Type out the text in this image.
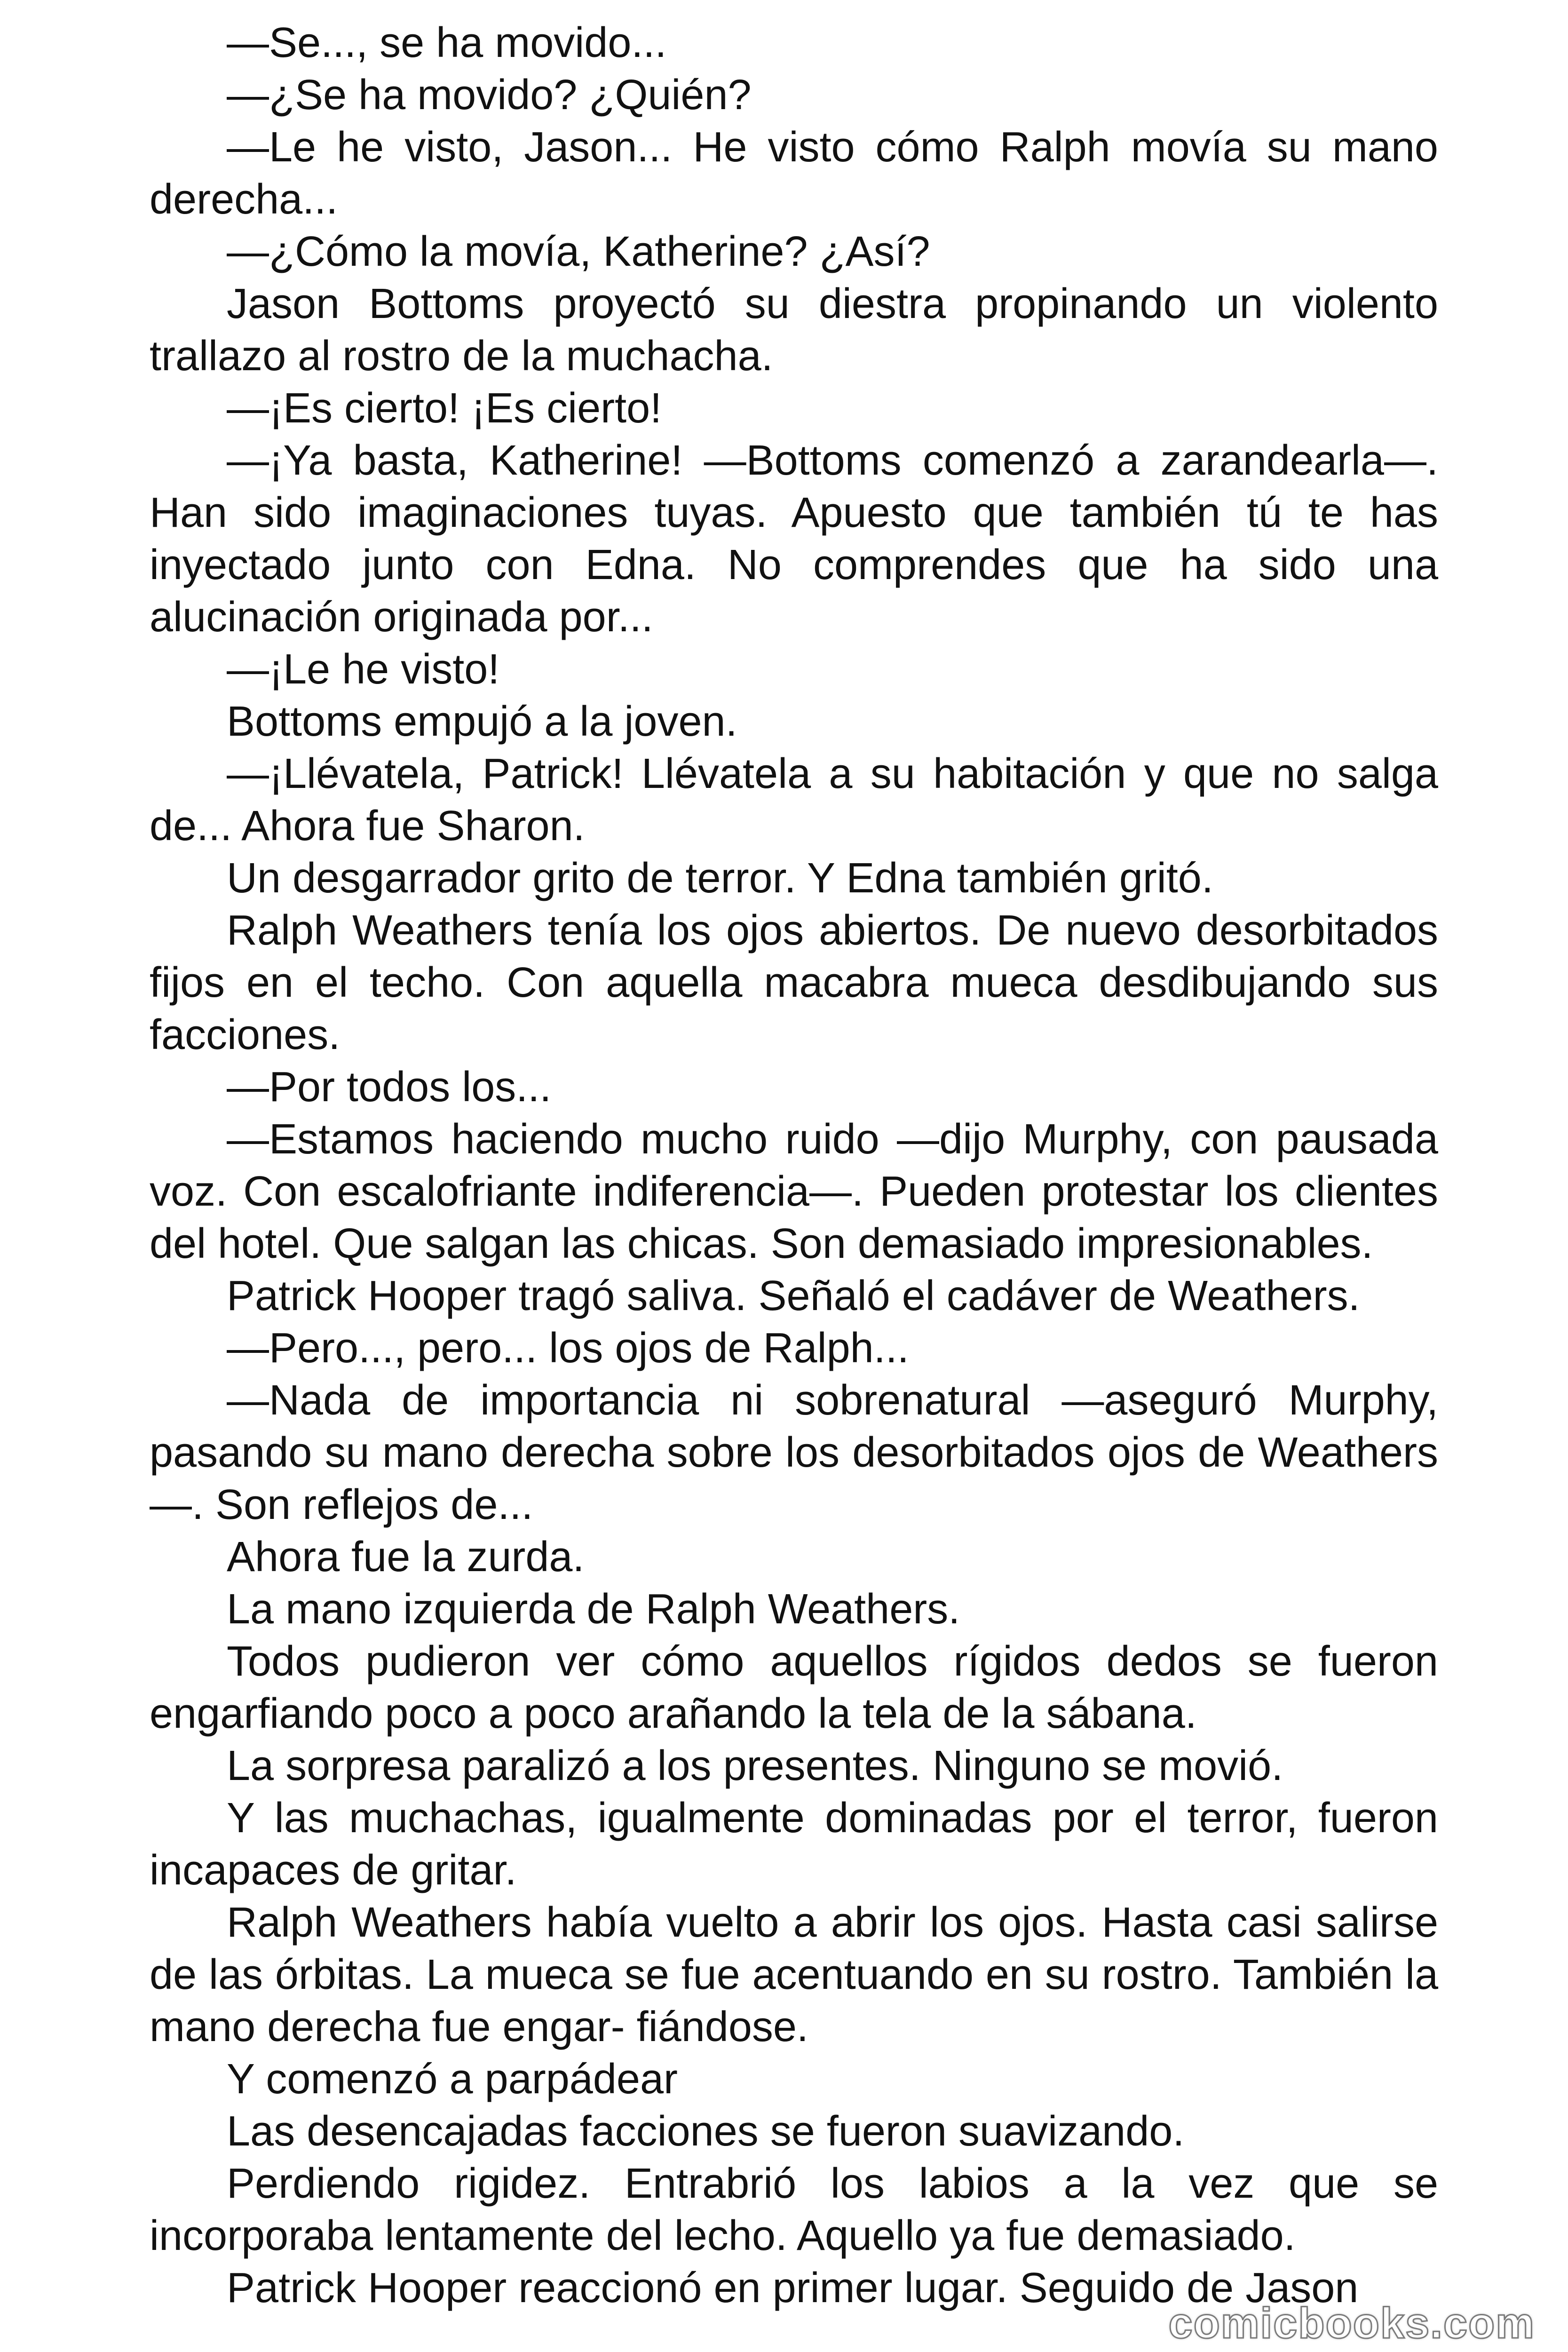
—Se..., se ha movido...

—¿Se ha movido? ¿Quién?

—Le he visto, Jason... He visto cómo Ralph movía su mano derecha...

—¿Cómo la movía, Katherine? ¿Así?

Jason Bottoms proyectó su diestra propinando un violento trallazo al rostro de la muchacha.

—¡Es cierto! ¡Es cierto!

—¡Ya basta, Katherine! —Bottoms comenzó a zarandearla—. Han sido imaginaciones tuyas. Apuesto que también tú te has inyectado junto con Edna. No comprendes que ha sido una alucinación originada por...

—¡Le he visto!

Bottoms empujó a la joven.

—¡Llévatela, Patrick! Llévatela a su habitación y que no salga de... Ahora fue Sharon.

Un desgarrador grito de terror. Y Edna también gritó.

Ralph Weathers tenía los ojos abiertos. De nuevo desorbitados fijos en el techo. Con aquella macabra mueca desdibujando sus facciones.

—Por todos los...

—Estamos haciendo mucho ruido —dijo Murphy, con pausada voz. Con escalofriante indiferencia—. Pueden protestar los clientes del hotel. Que salgan las chicas. Son demasiado impresionables.

Patrick Hooper tragó saliva. Señaló el cadáver de Weathers.

—Pero..., pero... los ojos de Ralph...

—Nada de importancia ni sobrenatural —aseguró Murphy, pasando su mano derecha sobre los desorbitados ojos de Weathers—. Son reflejos de...

Ahora fue la zurda.

La mano izquierda de Ralph Weathers.

Todos pudieron ver cómo aquellos rígidos dedos se fueron engarfiando poco a poco arañando la tela de la sábana.

La sorpresa paralizó a los presentes. Ninguno se movió.

Y las muchachas, igualmente dominadas por el terror, fueron incapaces de gritar.

Ralph Weathers había vuelto a abrir los ojos. Hasta casi salirse de las órbitas. La mueca se fue acentuando en su rostro. También la mano derecha fue engar- fiándose.

Y comenzó a parpádear

Las desencajadas facciones se fueron suavizando.

Perdiendo rigidez. Entrabrió los labios a la vez que se incorporaba lentamente del lecho. Aquello ya fue demasiado.

Patrick Hooper reaccionó en primer lugar. Seguido de Jason

comicbooks.com
